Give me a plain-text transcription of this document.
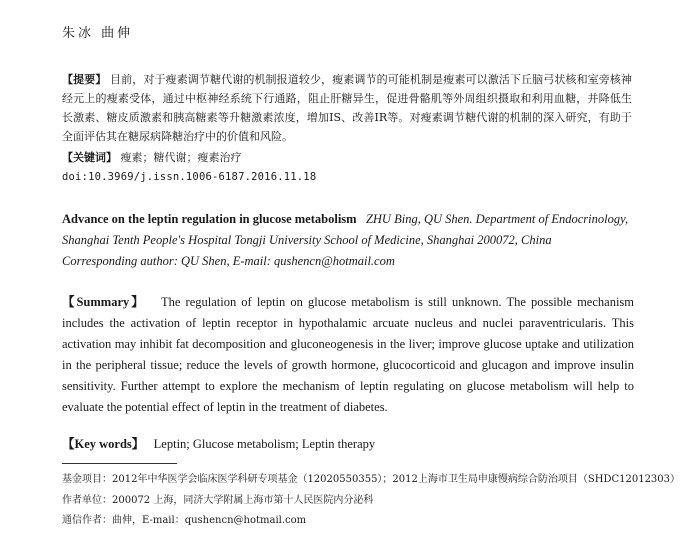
朱冰 曲伸
【提要】 目前，对于瘦素调节糖代谢的机制报道较少，瘦素调节的可能机制是瘦素可以激活下丘脑弓状核和室旁核神经元上的瘦素受体，通过中枢神经系统下行通路，阻止肝糖异生，促进骨骼肌等外周组织摄取和利用血糖，并降低生长激素、糖皮质激素和胰高糖素等升糖激素浓度，增加IS、改善IR等。对瘦素调节糖代谢的机制的深入研究，有助于全面评估其在糖尿病降糖治疗中的价值和风险。
【关键词】 瘦素；糖代谢；瘦素治疗
doi:10.3969/j.issn.1006-6187.2016.11.18
Advance on the leptin regulation in glucose metabolism ZHU Bing, QU Shen. Department of Endocrinology, Shanghai Tenth People's Hospital Tongji University School of Medicine, Shanghai 200072, China
Corresponding author: QU Shen, E-mail: qushencn@hotmail.com
【Summary】 The regulation of leptin on glucose metabolism is still unknown. The possible mechanism includes the activation of leptin receptor in hypothalamic arcuate nucleus and nuclei paraventricularis. This activation may inhibit fat decomposition and gluconeogenesis in the liver; improve glucose uptake and utilization in the peripheral tissue; reduce the levels of growth hormone, glucocorticoid and glucagon and improve insulin sensitivity. Further attempt to explore the mechanism of leptin regulating on glucose metabolism will help to evaluate the potential effect of leptin in the treatment of diabetes.
【Key words】 Leptin; Glucose metabolism; Leptin therapy
基金项目：2012年中华医学会临床医学科研专项基金（12020550355）；2012上海市卫生局申康慢病综合防治项目（SHDC12012303）
作者单位：200072 上海，同济大学附属上海市第十人民医院内分泌科
通信作者：曲伸，E-mail：qushencn@hotmail.com
